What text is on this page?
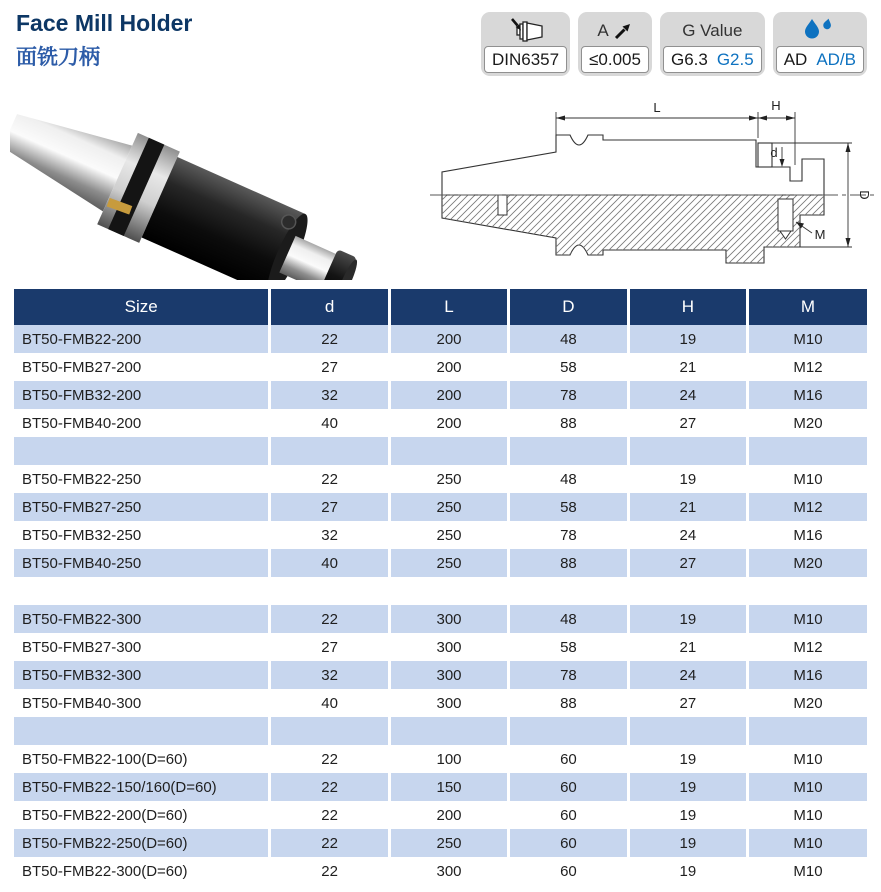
Face Mill Holder
面铣刀柄	DIN6357
A
≤0.005
G Value
G6.3 G2.5 AD AD/B
L	H
d
D
M
Size	d	L	D	H	M
BT50-FMB22-200	22	200	48	19	M10
BT50-FMB27-200	27	200	58	21	M12
BT50-FMB32-200	32	200	78	24	M16
BT50-FMB40-200	40	200	88	27	M20

BT50-FMB22-250	22	250	48	19	M10
BT50-FMB27-250	27	250	58	21	M12
BT50-FMB32-250	32	250	78	24	M16
BT50-FMB40-250	40	250	88	27	M20

BT50-FMB22-300	22	300	48	19	M10
BT50-FMB27-300	27	300	58	21	M12
BT50-FMB32-300	32	300	78	24	M16
BT50-FMB40-300	40	300	88	27	M20

BT50-FMB22-100(D=60)	22	100	60	19	M10
BT50-FMB22-150/160(D=60)	22	150	60	19	M10
BT50-FMB22-200(D=60)	22	200	60	19	M10
BT50-FMB22-250(D=60)	22	250	60	19	M10
BT50-FMB22-300(D=60)	22	300	60	19	M10
